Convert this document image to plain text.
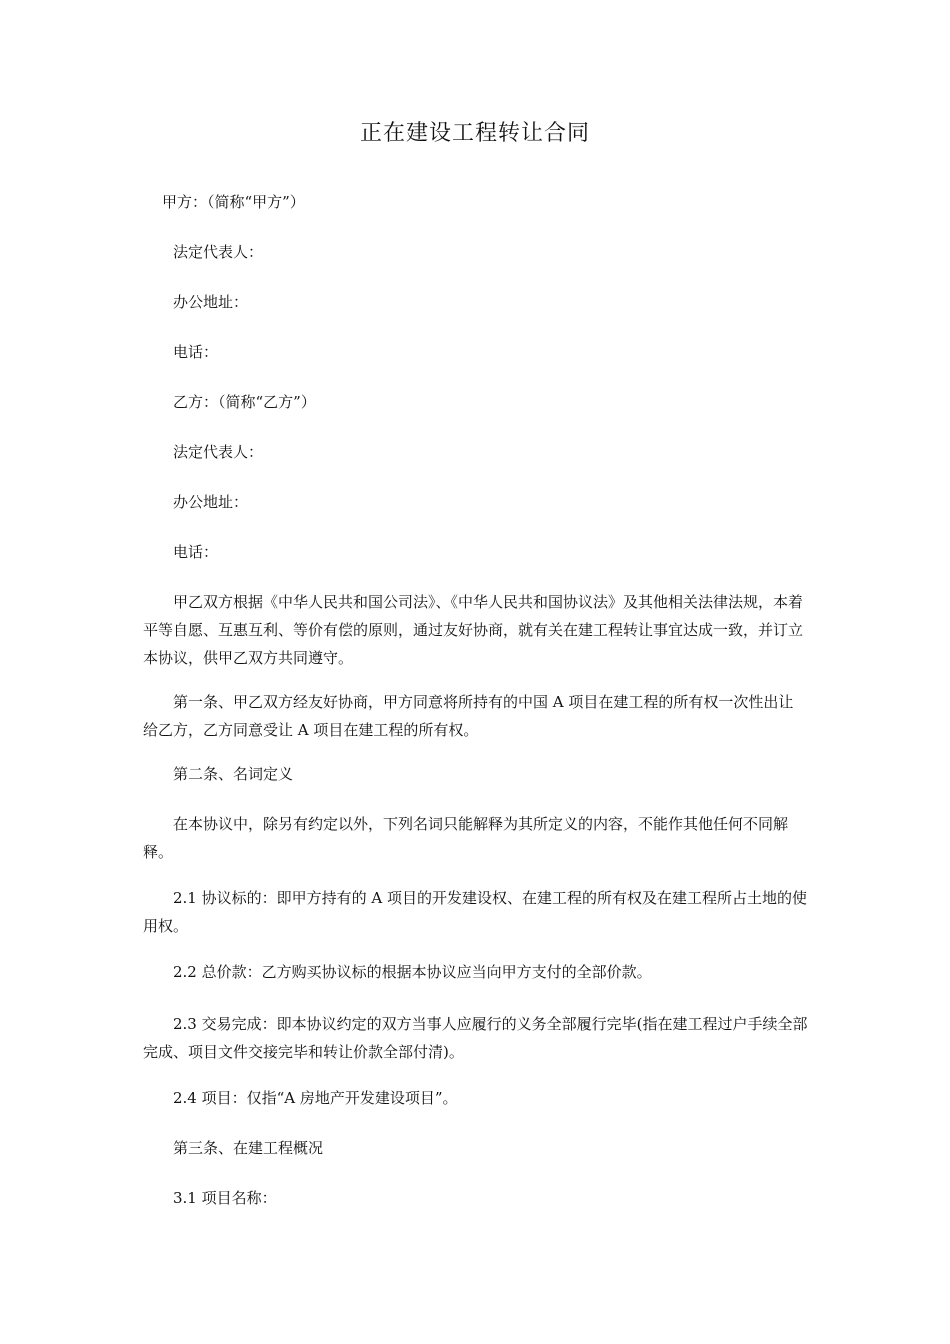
正在建设工程转让合同

甲方：（简称“甲方”）

法定代表人：

办公地址：

电话：

乙方：（简称“乙方”）

法定代表人：

办公地址：

电话：

甲乙双方根据《中华人民共和国公司法》、《中华人民共和国协议法》及其他相关法律法规，本着平等自愿、互惠互利、等价有偿的原则，通过友好协商，就有关在建工程转让事宜达成一致，并订立本协议，供甲乙双方共同遵守。

第一条、甲乙双方经友好协商，甲方同意将所持有的中国 A 项目在建工程的所有权一次性出让给乙方，乙方同意受让 A 项目在建工程的所有权。

第二条、名词定义

在本协议中，除另有约定以外，下列名词只能解释为其所定义的内容，不能作其他任何不同解释。

2.1 协议标的：即甲方持有的 A 项目的开发建设权、在建工程的所有权及在建工程所占土地的使用权。

2.2 总价款：乙方购买协议标的根据本协议应当向甲方支付的全部价款。

2.3 交易完成：即本协议约定的双方当事人应履行的义务全部履行完毕(指在建工程过户手续全部完成、项目文件交接完毕和转让价款全部付清)。

2.4 项目：仅指“A 房地产开发建设项目”。

第三条、在建工程概况

3.1 项目名称：
